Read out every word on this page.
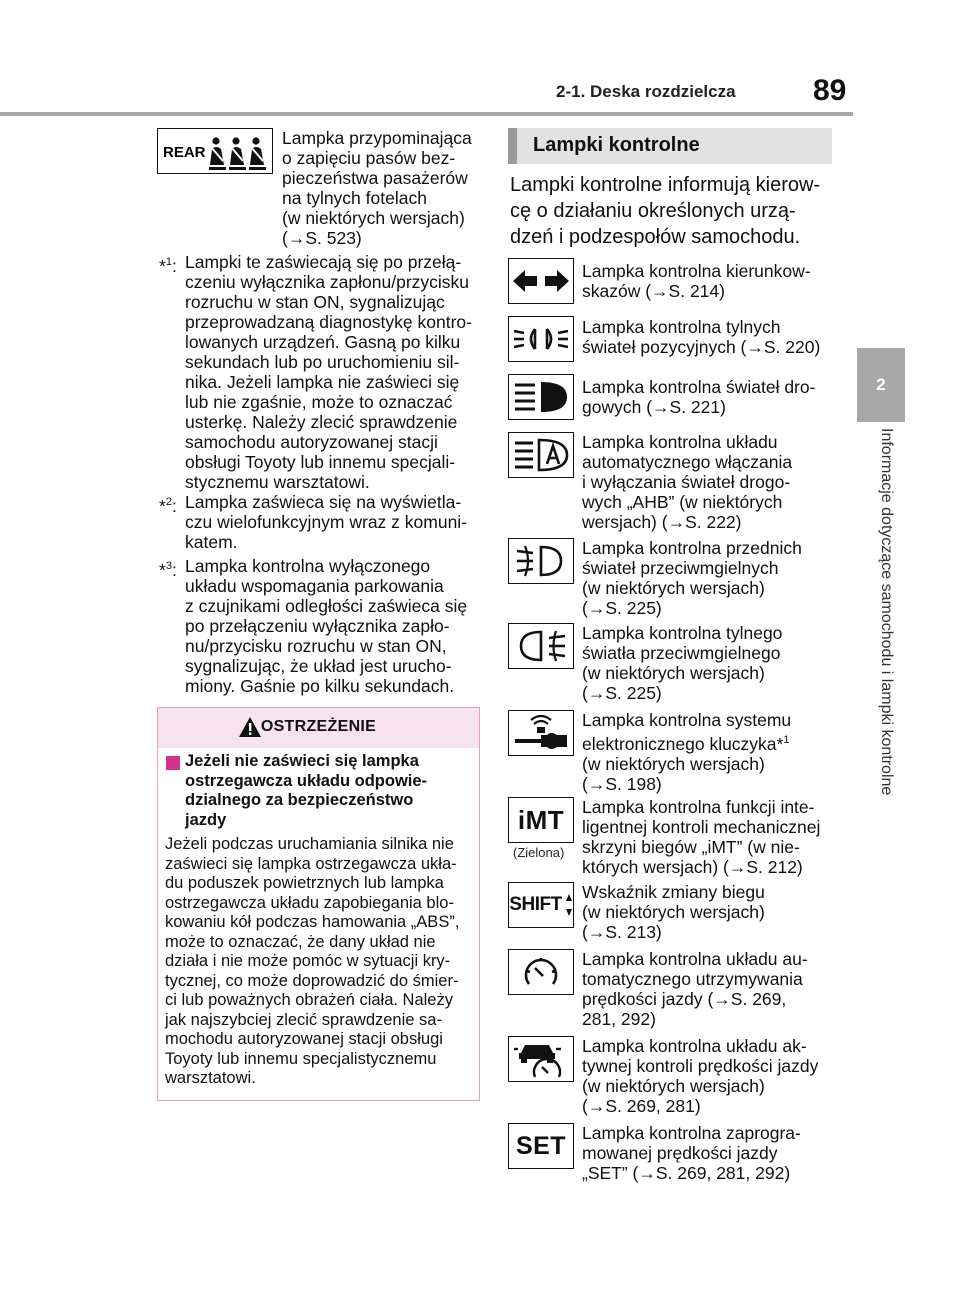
2-1. Deska rozdzielcza	89
2
Informacje dotyczące samochodu i lampki kontrolne
REAR
Lampka przypominająca
o zapięciu pasów bez-
pieczeństwa pasażerów
na tylnych fotelach
(w niektórych wersjach)
(→S. 523)
*$^1$: Lampki te zaświecają się po przełą-
czeniu wyłącznika zapłonu/przycisku
rozruchu w stan ON, sygnalizując
przeprowadzaną diagnostykę kontro-
lowanych urządzeń. Gasną po kilku
sekundach lub po uruchomieniu sil-
nika. Jeżeli lampka nie zaświeci się
lub nie zgaśnie, może to oznaczać
usterkę. Należy zlecić sprawdzenie
samochodu autoryzowanej stacji
obsługi Toyoty lub innemu specjali-
stycznemu warsztatowi.
*$^2$: Lampka zaświeca się na wyświetla-
czu wielofunkcyjnym wraz z komuni-
katem.
*$^3$: Lampka kontrolna wyłączonego
układu wspomagania parkowania
z czujnikami odległości zaświeca się
po przełączeniu wyłącznika zapło-
nu/przycisku rozruchu w stan ON,
sygnalizując, że układ jest urucho-
miony. Gaśnie po kilku sekundach.
OSTRZEŻENIE
Jeżeli nie zaświeci się lampka
ostrzegawcza układu odpowie-
dzialnego za bezpieczeństwo
jazdy
Jeżeli podczas uruchamiania silnika nie
zaświeci się lampka ostrzegawcza ukła-
du poduszek powietrznych lub lampka
ostrzegawcza układu zapobiegania blo-
kowaniu kół podczas hamowania „ABS”,
może to oznaczać, że dany układ nie
działa i nie może pomóc w sytuacji kry-
tycznej, co może doprowadzić do śmier-
ci lub poważnych obrażeń ciała. Należy
jak najszybciej zlecić sprawdzenie sa-
mochodu autoryzowanej stacji obsługi
Toyoty lub innemu specjalistycznemu
warsztatowi.
Lampki kontrolne
Lampki kontrolne informują kierow-
cę o działaniu określonych urzą-
dzeń i podzespołów samochodu.
Lampka kontrolna kierunkow-
skazów (→S. 214)
Lampka kontrolna tylnych
świateł pozycyjnych (→S. 220)
Lampka kontrolna świateł dro-
gowych (→S. 221)
Lampka kontrolna układu
automatycznego włączania
i wyłączania świateł drogo-
wych „AHB” (w niektórych
wersjach) (→S. 222)
Lampka kontrolna przednich
świateł przeciwmgielnych
(w niektórych wersjach)
(→S. 225)
Lampka kontrolna tylnego
światła przeciwmgielnego
(w niektórych wersjach)
(→S. 225)
Lampka kontrolna systemu
elektronicznego kluczyka*$^1$
(w niektórych wersjach)
(→S. 198)
iMT
(Zielona)
Lampka kontrolna funkcji inte-
ligentnej kontroli mechanicznej
skrzyni biegów „iMT” (w nie-
których wersjach) (→S. 212)
SHIFT
Wskaźnik zmiany biegu
(w niektórych wersjach)
(→S. 213)
Lampka kontrolna układu au-
tomatycznego utrzymywania
prędkości jazdy (→S. 269,
281, 292)
Lampka kontrolna układu ak-
tywnej kontroli prędkości jazdy
(w niektórych wersjach)
(→S. 269, 281)
SET Lampka kontrolna zaprogra-
mowanej prędkości jazdy
„SET” (→S. 269, 281, 292)
